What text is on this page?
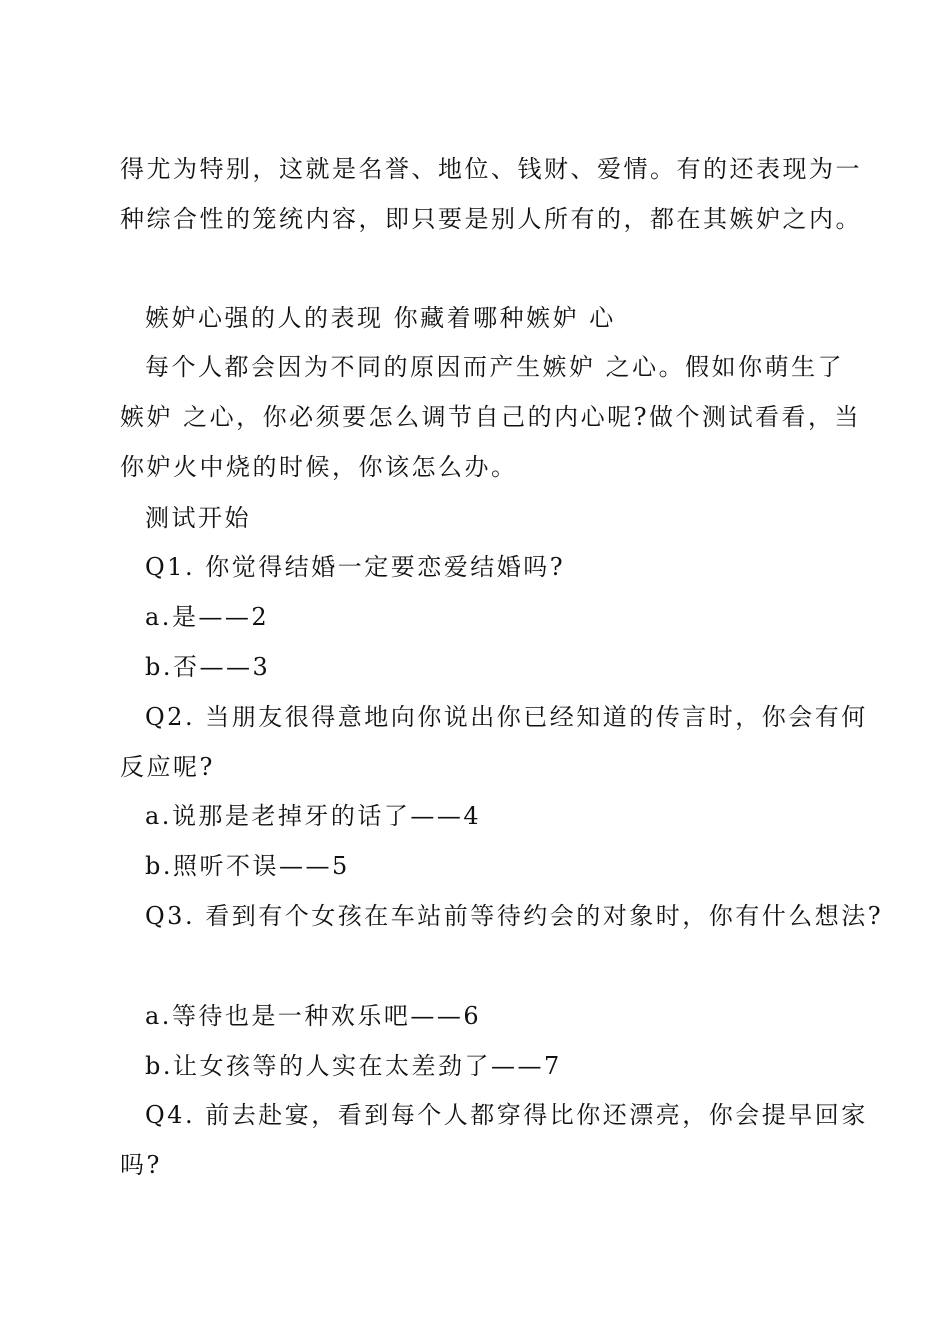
得尤为特别，这就是名誉、地位、钱财、爱情。有的还表现为一
种综合性的笼统内容，即只要是别人所有的，都在其嫉妒之内。
嫉妒心强的人的表现 你藏着哪种嫉妒 心
每个人都会因为不同的原因而产生嫉妒 之心。假如你萌生了
嫉妒 之心，你必须要怎么调节自己的内心呢?做个测试看看，当
你妒火中烧的时候，你该怎么办。
测试开始
Q1. 你觉得结婚一定要恋爱结婚吗?
a.是——2
b.否——3
Q2. 当朋友很得意地向你说出你已经知道的传言时，你会有何
反应呢?
a.说那是老掉牙的话了——4
b.照听不误——5
Q3. 看到有个女孩在车站前等待约会的对象时，你有什么想法?
a.等待也是一种欢乐吧——6
b.让女孩等的人实在太差劲了——7
Q4. 前去赴宴，看到每个人都穿得比你还漂亮，你会提早回家
吗?
